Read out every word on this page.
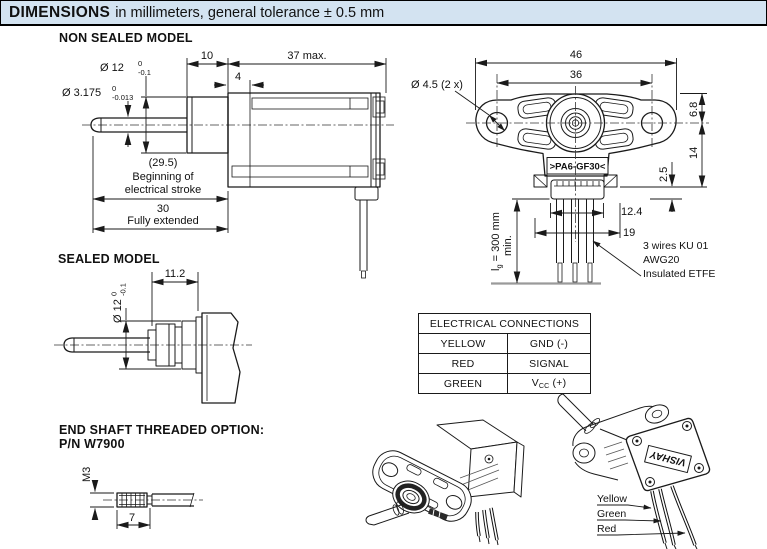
10	37 max.
4
Ø 12 0
-0.1
Ø 3.175 0
-0.013
(29.5)
Beginning of
electrical stroke
30
Fully extended
>PA6-GF30<
46
36
Ø 4.5 (2 x)
6.8
14
2.5
12.4
19
$l_g = 300$ mm min.	3 wires KU 01
AWG20
Insulated ETFE
11.2
Ø 12
0 -0.1
M3
7
VISHAY
Yellow
Green
Red
DIMENSIONS in millimeters, general tolerance ± 0.5 mm
NON SEALED MODEL
SEALED MODEL
END SHAFT THREADED OPTION:
P/N W7900
ELECTRICAL CONNECTIONS	
YELLOW	GND (-)
RED	SIGNAL
GREEN	$V_{CC}$ (+)
